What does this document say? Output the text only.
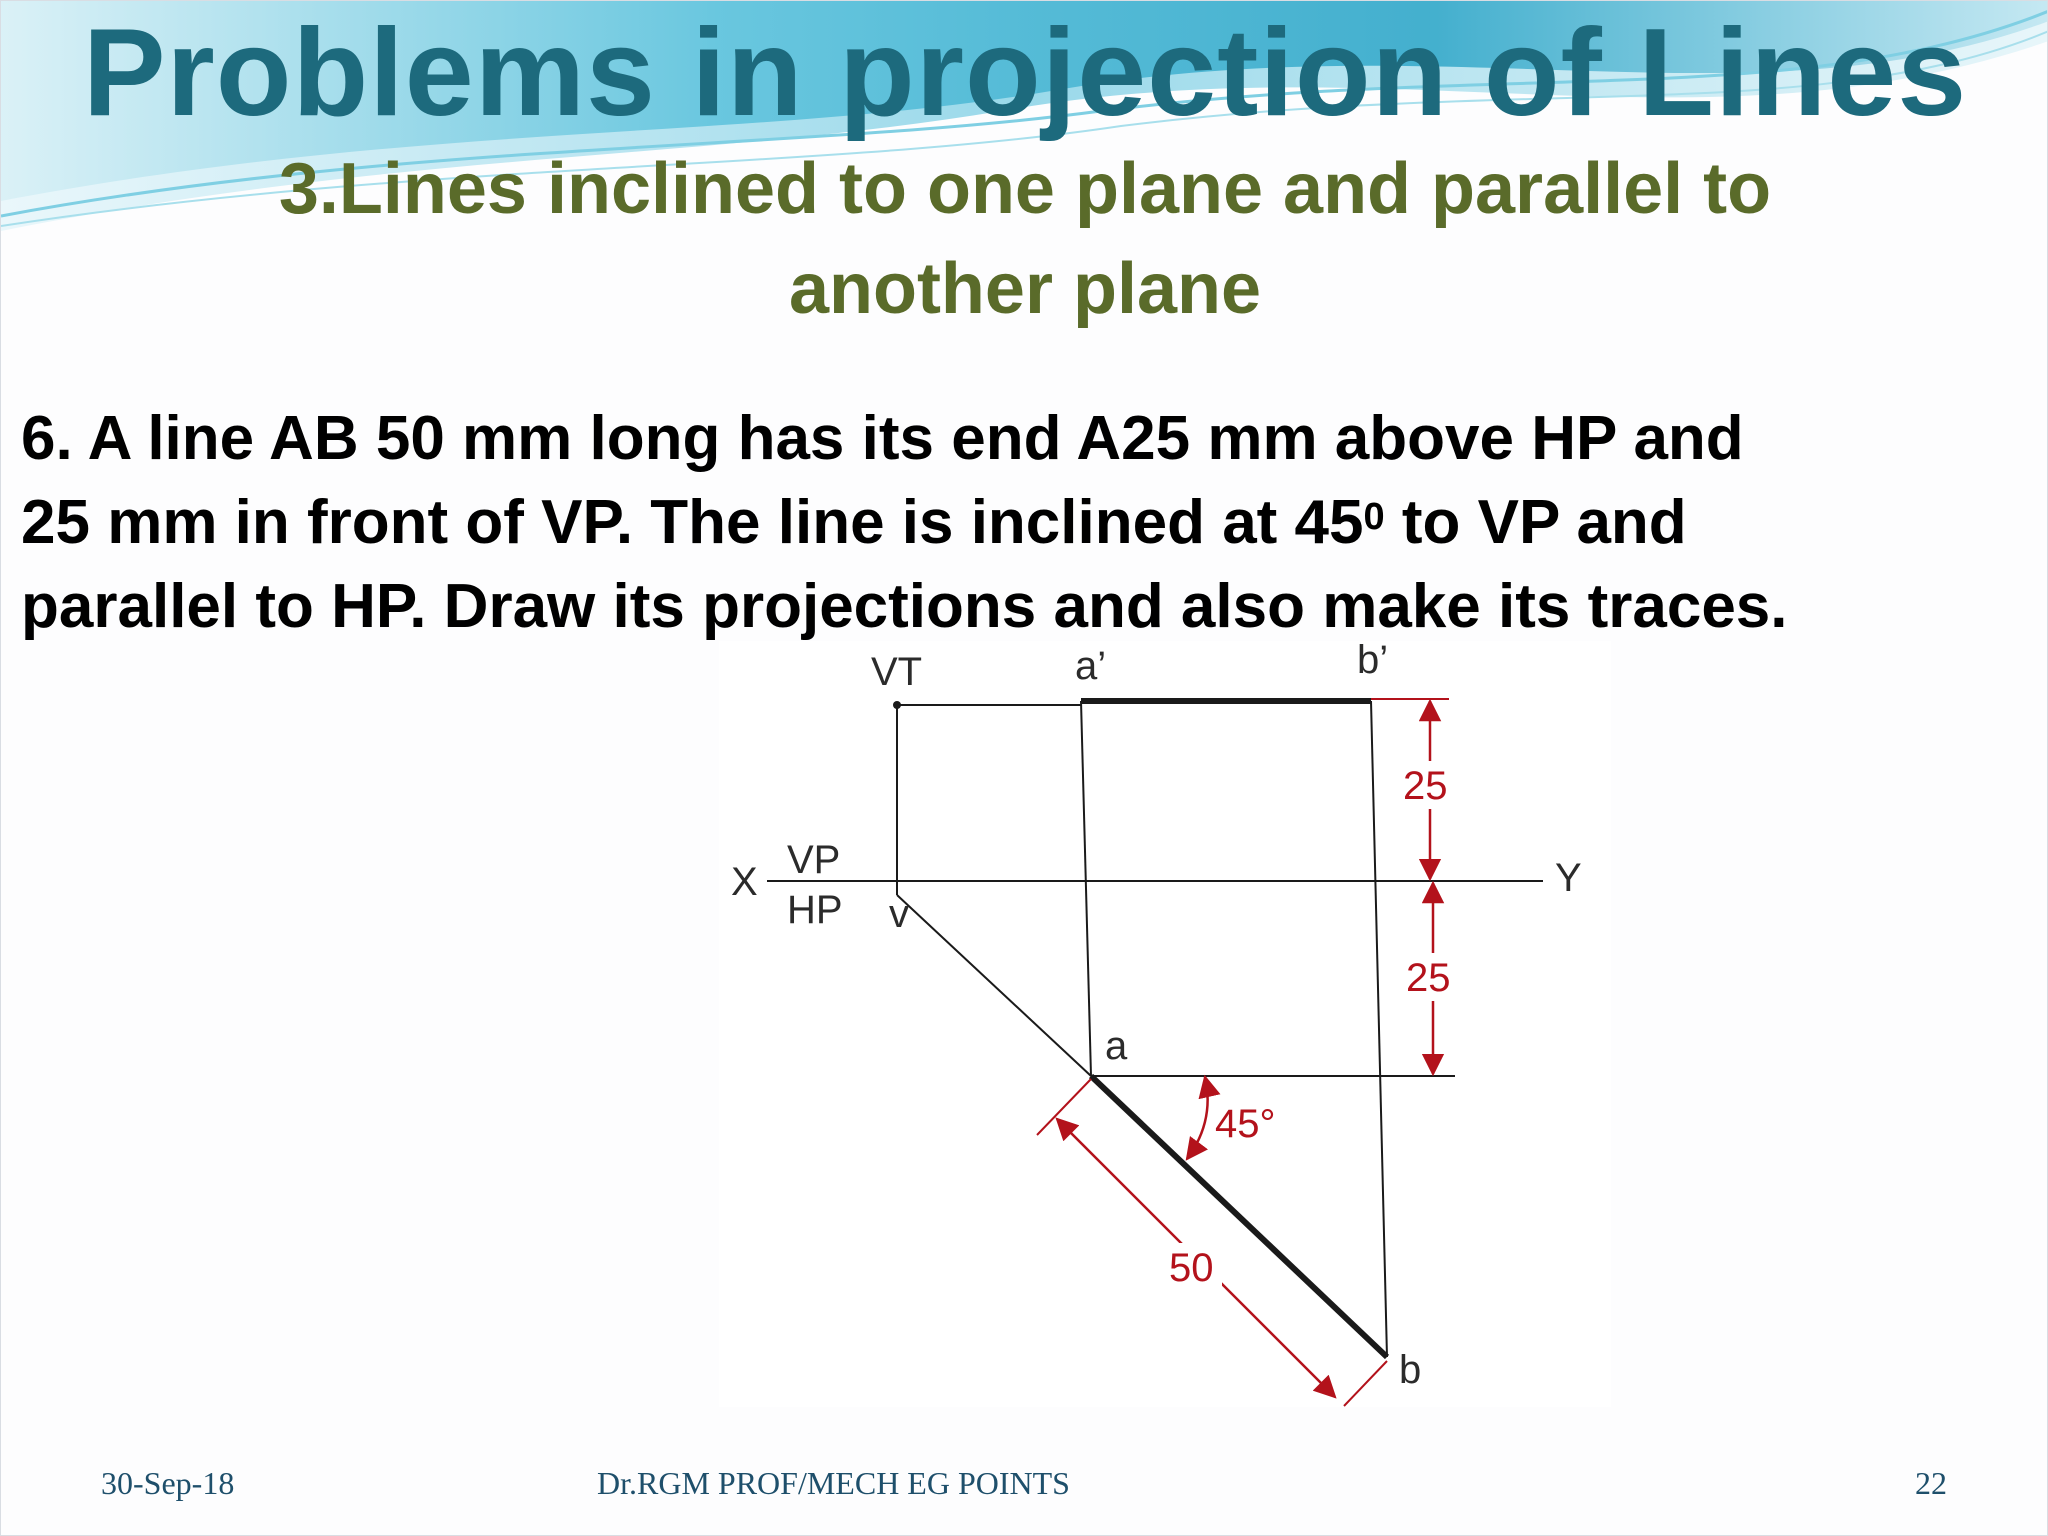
Problems in projection of Lines
3.Lines inclined to one plane and parallel to
another plane
6. A line AB 50 mm long has its end A25 mm above HP and
25 mm in front of VP. The line is inclined at $45^0$ to VP and
parallel to HP. Draw its projections and also make its traces.
25
25
45°
50
VT	a’	b’
X	Y
VP
HP v
a
b
30-Sep-18	Dr.RGM PROF/MECH EG POINTS	22
